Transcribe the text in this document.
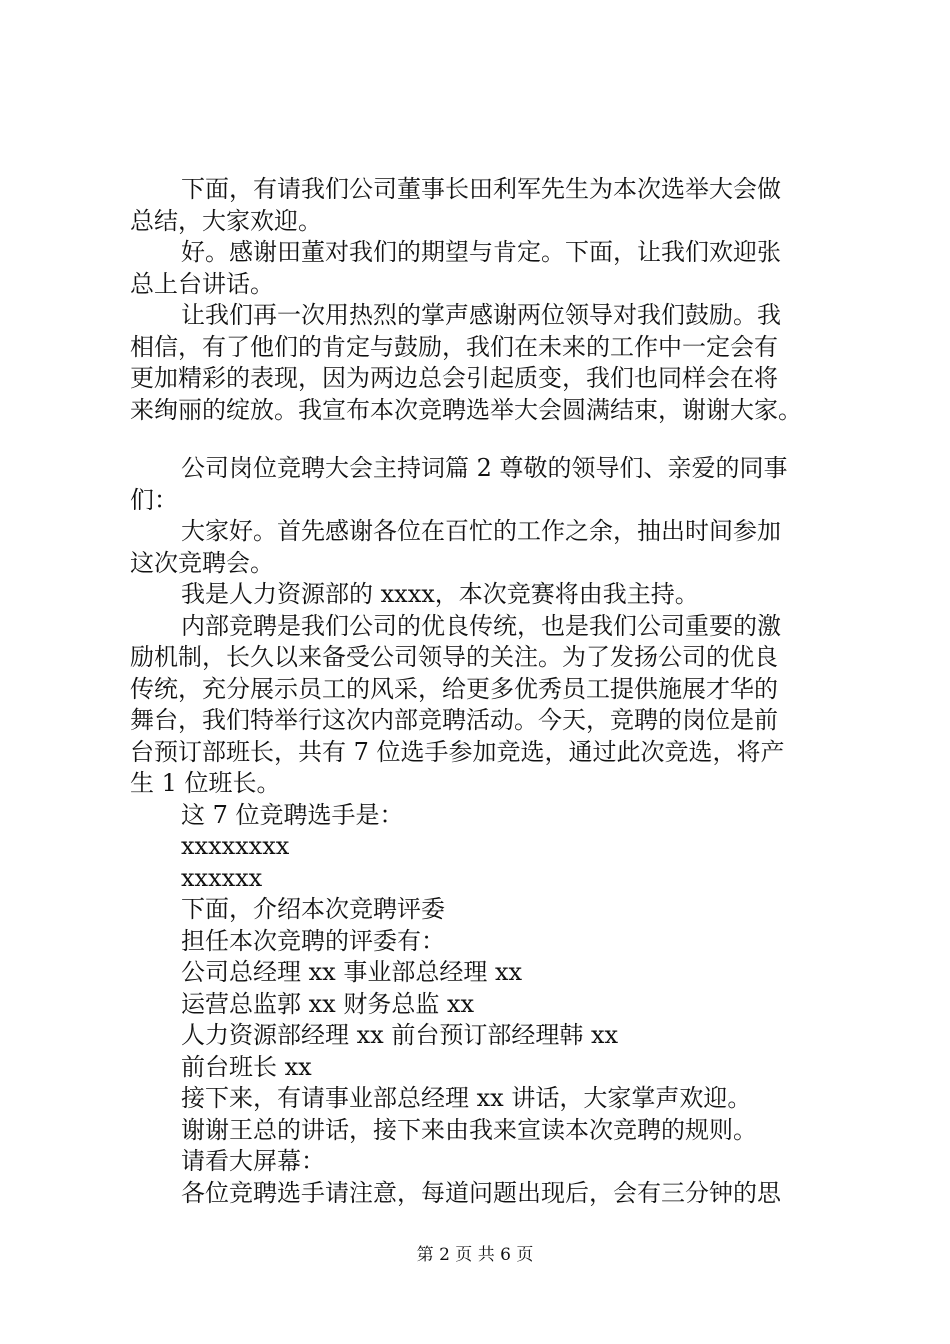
下面，有请我们公司董事长田利军先生为本次选举大会做
总结，大家欢迎。
好。感谢田董对我们的期望与肯定。下面，让我们欢迎张
总上台讲话。
让我们再一次用热烈的掌声感谢两位领导对我们鼓励。我
相信，有了他们的肯定与鼓励，我们在未来的工作中一定会有
更加精彩的表现，因为两边总会引起质变，我们也同样会在将
来绚丽的绽放。我宣布本次竞聘选举大会圆满结束，谢谢大家。
公司岗位竞聘大会主持词篇 2 尊敬的领导们、亲爱的同事
们：
大家好。首先感谢各位在百忙的工作之余，抽出时间参加
这次竞聘会。
我是人力资源部的 xxxx，本次竞赛将由我主持。
内部竞聘是我们公司的优良传统，也是我们公司重要的激
励机制，长久以来备受公司领导的关注。为了发扬公司的优良
传统，充分展示员工的风采，给更多优秀员工提供施展才华的
舞台，我们特举行这次内部竞聘活动。今天，竞聘的岗位是前
台预订部班长，共有 7 位选手参加竞选，通过此次竞选，将产
生 1 位班长。
这 7 位竞聘选手是：
xxxxxxxx
xxxxxx
下面，介绍本次竞聘评委
担任本次竞聘的评委有：
公司总经理 xx 事业部总经理 xx
运营总监郭 xx 财务总监 xx
人力资源部经理 xx 前台预订部经理韩 xx
前台班长 xx
接下来，有请事业部总经理 xx 讲话，大家掌声欢迎。
谢谢王总的讲话，接下来由我来宣读本次竞聘的规则。
请看大屏幕：
各位竞聘选手请注意，每道问题出现后，会有三分钟的思
第 2 页 共 6 页
